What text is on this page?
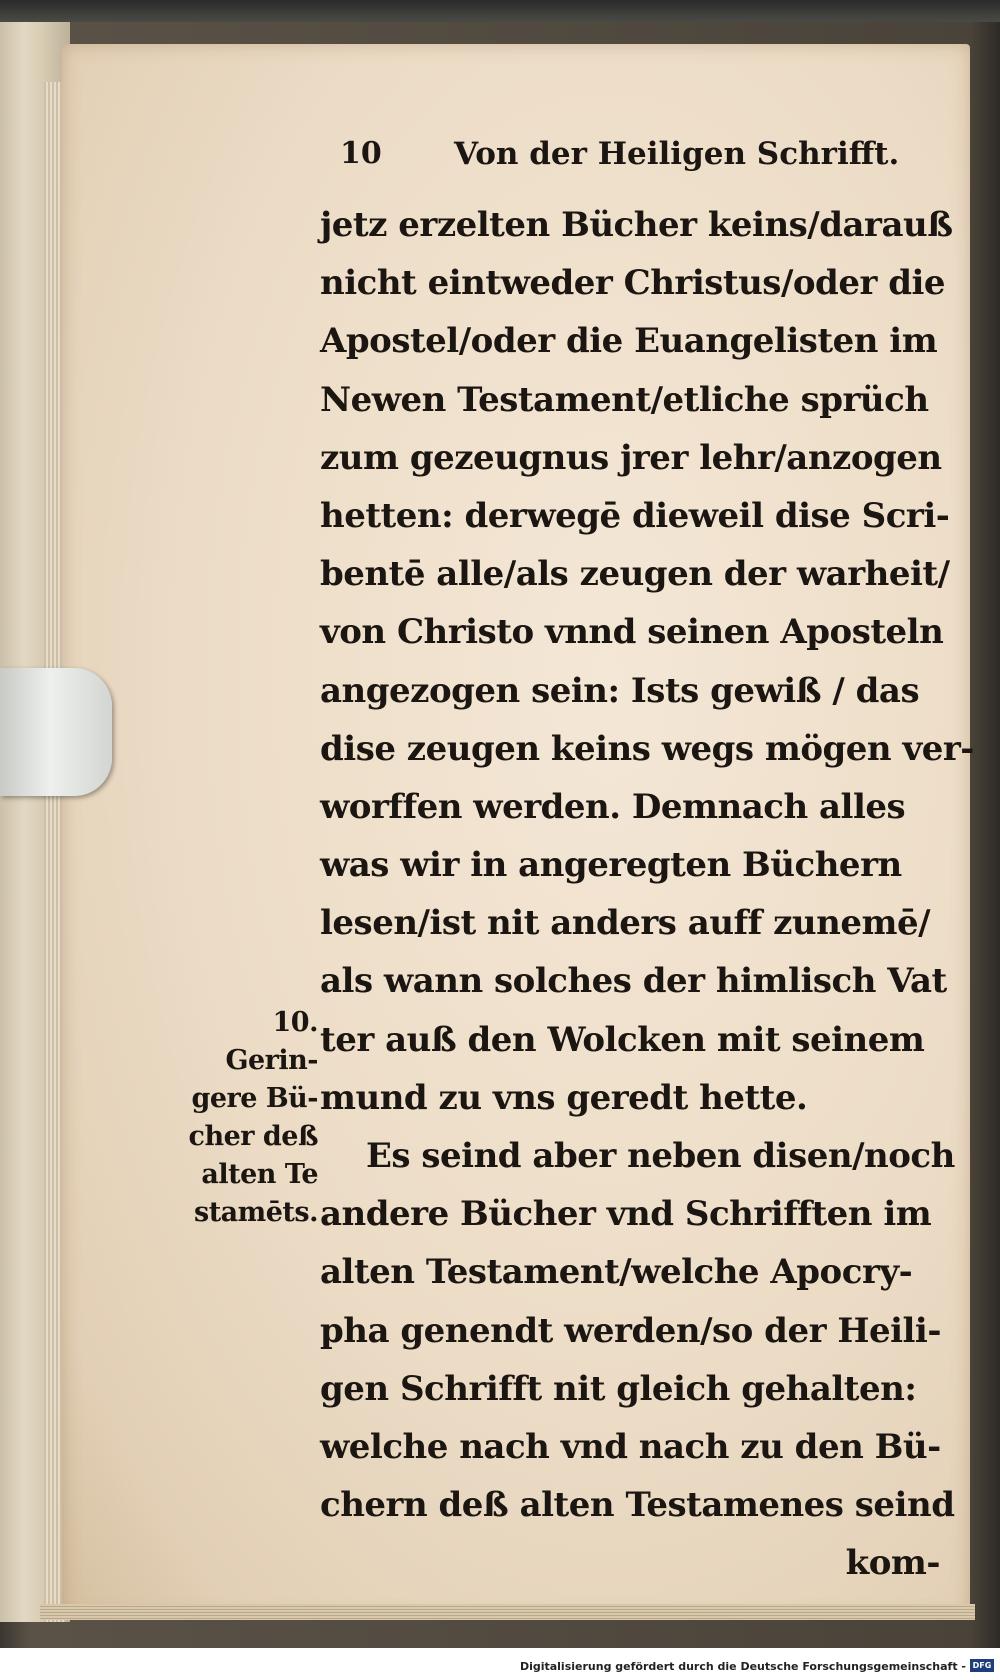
10 Von der Heiligen Schrifft.
jetz erzelten Bücher keins/darauß
nicht eintweder Christus/oder die
Apostel/oder die Euangelisten im
Newen Testament/etliche sprüch
zum gezeugnus jrer lehr/anzogen
hetten: derwegē dieweil dise Scri-
bentē alle/als zeugen der warheit/
von Christo vnnd seinen Aposteln
angezogen sein: Ists gewiß / das
dise zeugen keins wegs mögen ver-
worffen werden. Demnach alles
was wir in angeregten Büchern
lesen/ist nit anders auff zunemē/
als wann solches der himlisch Vat
ter auß den Wolcken mit seinem
mund zu vns geredt hette.
Es seind aber neben disen/noch
andere Bücher vnd Schrifften im
alten Testament/welche Apocry-
pha genendt werden/so der Heili-
gen Schrifft nit gleich gehalten:
welche nach vnd nach zu den Bü-
chern deß alten Testamenes seind
kom-
10.
Gerin-
gere Bü-
cher deß
alten Te
stamēts.
Digitalisierung gefördert durch die Deutsche Forschungsgemeinschaft - DFG
